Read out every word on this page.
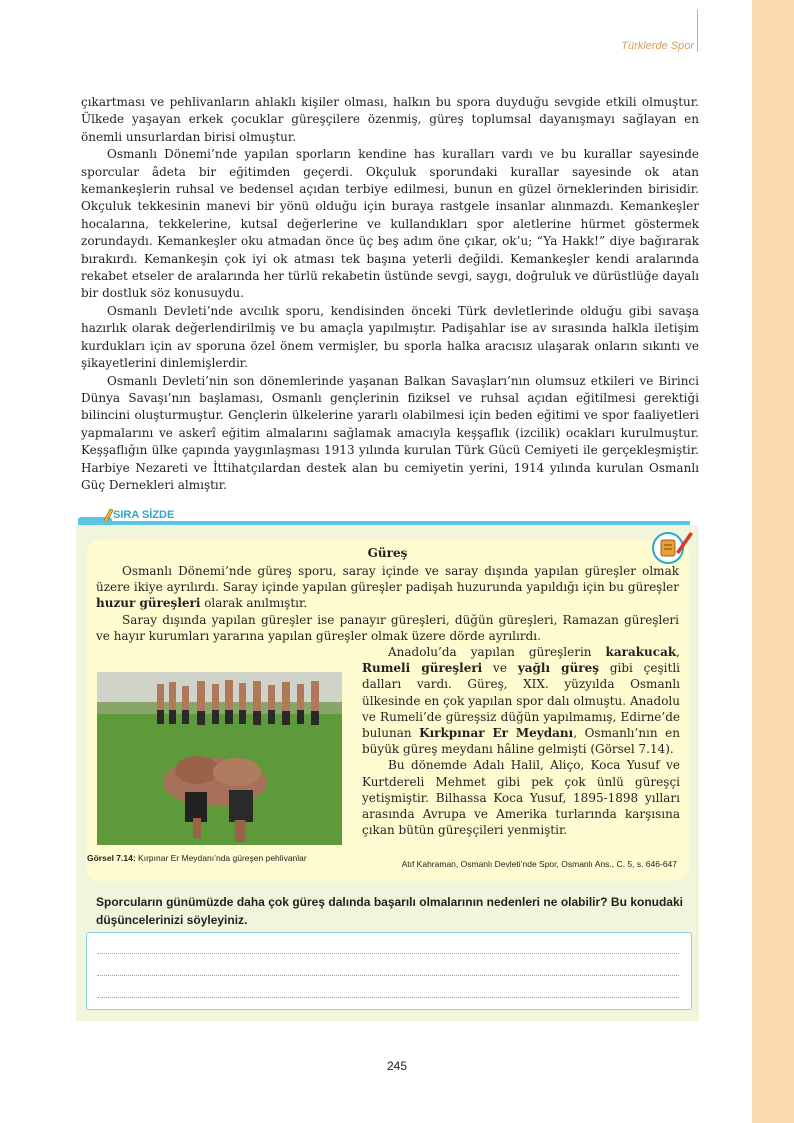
Türklerde Spor

çıkartması ve pehlivanların ahlaklı kişiler olması, halkın bu spora duyduğu sevgide etkili olmuştur. Ülkede yaşayan erkek çocuklar güreşçilere özenmiş, güreş toplumsal dayanışmayı sağlayan en önemli unsurlardan birisi olmuştur.

Osmanlı Dönemi’nde yapılan sporların kendine has kuralları vardı ve bu kurallar sayesinde sporcular âdeta bir eğitimden geçerdi. Okçuluk sporundaki kurallar sayesinde ok atan kemankeşlerin ruhsal ve bedensel açıdan terbiye edilmesi, bunun en güzel örneklerinden birisidir. Okçuluk tekkesinin manevi bir yönü olduğu için buraya rastgele insanlar alınmazdı. Kemankeşler hocalarına, tekkelerine, kutsal değerlerine ve kullandıkları spor aletlerine hürmet göstermek zorundaydı. Kemankeşler oku atmadan önce üç beş adım öne çıkar, ok’u; “Ya Hakk!” diye bağırarak bırakırdı. Kemankeşin çok iyi ok atması tek başına yeterli değildi. Kemankeşler kendi aralarında rekabet etseler de aralarında her türlü rekabetin üstünde sevgi, saygı, doğruluk ve dürüstlüğe dayalı bir dostluk söz konusuydu.

Osmanlı Devleti’nde avcılık sporu, kendisinden önceki Türk devletlerinde olduğu gibi savaşa hazırlık olarak değerlendirilmiş ve bu amaçla yapılmıştır. Padişahlar ise av sırasında halkla iletişim kurdukları için av sporuna özel önem vermişler, bu sporla halka aracısız ulaşarak onların sıkıntı ve şikayetlerini dinlemişlerdir.

Osmanlı Devleti’nin son dönemlerinde yaşanan Balkan Savaşları’nın olumsuz etkileri ve Birinci Dünya Savaşı’nın başlaması, Osmanlı gençlerinin fiziksel ve ruhsal açıdan eğitilmesi gerektiği bilincini oluşturmuştur. Gençlerin ülkelerine yararlı olabilmesi için beden eğitimi ve spor faaliyetleri yapmalarını ve askerî eğitim almalarını sağlamak amacıyla keşşaflık (izcilik) ocakları kurulmuştur. Keşşaflığın ülke çapında yaygınlaşması 1913 yılında kurulan Türk Gücü Cemiyeti ile gerçekleşmiştir. Harbiye Nezareti ve İttihatçılardan destek alan bu cemiyetin yerini, 1914 yılında kurulan Osmanlı Güç Dernekleri almıştır.

SIRA SİZDE
Güreş

Osmanlı Dönemi’nde güreş sporu, saray içinde ve saray dışında yapılan güreşler olmak üzere ikiye ayrılırdı. Saray içinde yapılan güreşler padişah huzurunda yapıldığı için bu güreşler huzur güreşleri olarak anılmıştır.

Saray dışında yapılan güreşler ise panayır güreşleri, düğün güreşleri, Ramazan güreşleri ve hayır kurumları yararına yapılan güreşler olmak üzere dörde ayrılırdı.

Anadolu’da yapılan güreşlerin karakucak, Rumeli güreşleri ve yağlı güreş gibi çeşitli dalları vardı. Güreş, XIX. yüzyılda Osmanlı ülkesinde en çok yapılan spor dalı olmuştu. Anadolu ve Rumeli’de güreşsiz düğün yapılmamış, Edirne’de bulunan Kırkpınar Er Meydanı, Osmanlı’nın en büyük güreş meydanı hâline gelmişti (Görsel 7.14).

Bu dönemde Adalı Halil, Aliço, Koca Yusuf ve Kurtdereli Mehmet gibi pek çok ünlü güreşçi yetişmiştir. Bilhassa Koca Yusuf, 1895-1898 yılları arasında Avrupa ve Amerika turlarında karşısına çıkan bütün güreşçileri yenmiştir.

Görsel 7.14: Kırpınar Er Meydanı’nda güreşen pehlivanlar
Atıf Kahraman, Osmanlı Devleti’nde Spor, Osmanlı Ans., C. 5, s. 646-647
Sporcuların günümüzde daha çok güreş dalında başarılı olmalarının nedenleri ne olabilir? Bu konudaki düşüncelerinizi söyleyiniz.
245
